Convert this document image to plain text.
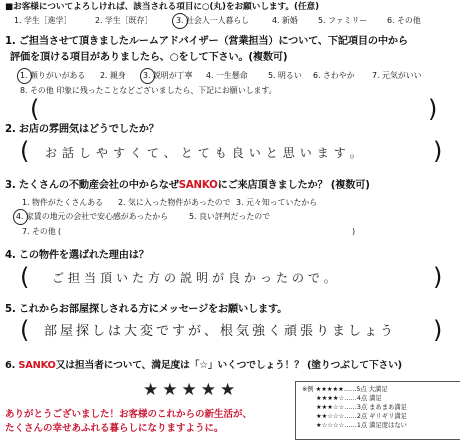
■お客様についてよろしければ、該当される項目に○(丸)をお願いします。(任意)
1. 学生［進学］	2. 学生［既存］	3. 社会人一人暮らし	4. 新婚	5. ファミリー 6. その他
1. ご担当させて頂きましたルームアドバイザー（営業担当）について、下記項目の中から
評価を頂ける項目がありましたら、○をして下さい。(複数可)
1. 頼りがいがある 2. 親身 3. 説明が丁寧 4. 一生懸命	5. 明るい 6. さわやか 7. 元気がいい
8. その他 印象に残ったことなどございましたら、下記にお願いします。
(	)
2. お店の雰囲気はどうでしたか？
( お話しやすくて、とても良いと思います。	)
3. たくさんの不動産会社の中からなぜSANKOにご来店頂きましたか？ (複数可)
1. 物件がたくさんある 2. 気に入った物件があったので 3. 元々知っていたから
4. 家賃の地元の会社で安心感があったから	5. 良い評判だったので
7. その他 (	)
4. この物件を選ばれた理由は？
( ご担当頂いた方の説明が良かったので。	)
5. これからお部屋探しされる方にメッセージをお願いします。
( 部屋探しは大変ですが、根気強く頑張りましょう )
6. SANKO又は担当者について、満足度は「☆」いくつでしょう！？ (塗りつぶして下さい)
★★★★★	※例 ★★★★★……5点 大満足
★★★★☆……4点 満足
★★★☆☆……3点 まあまあ満足
★★☆☆☆……2点 ギリギリ満足
★☆☆☆☆……1点 満足度はない
ありがとうございました！お客様のこれからの新生活が、
たくさんの幸せあふれる暮らしになりますように。
